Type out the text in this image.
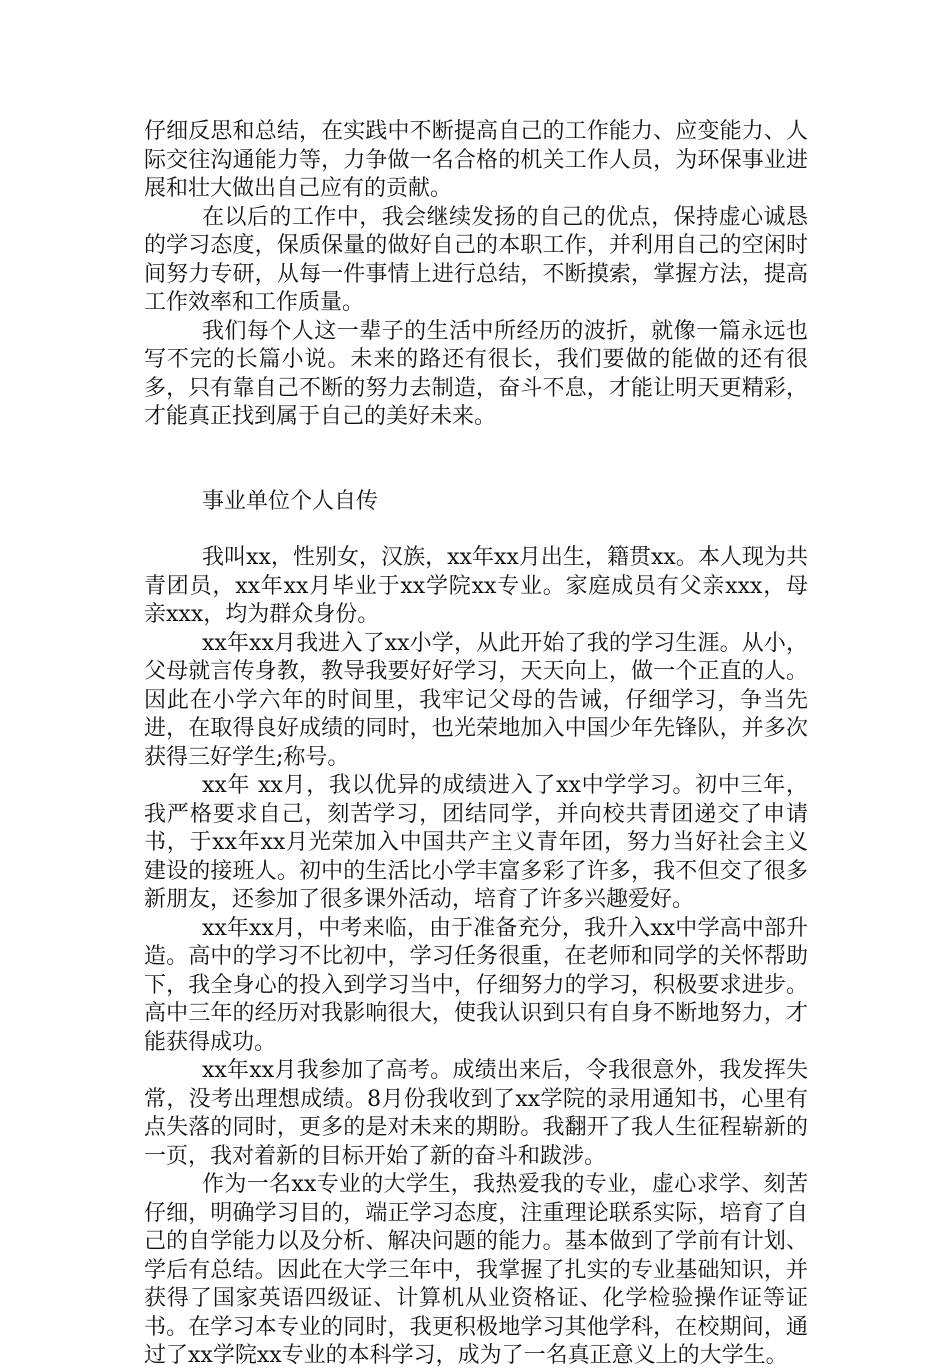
仔细反思和总结，在实践中不断提高自己的工作能力、应变能力、人际交往沟通能力等，力争做一名合格的机关工作人员，为环保事业进展和壮大做出自己应有的贡献。

在以后的工作中，我会继续发扬的自己的优点，保持虚心诚恳的学习态度，保质保量的做好自己的本职工作，并利用自己的空闲时间努力专研，从每一件事情上进行总结，不断摸索，掌握方法，提高工作效率和工作质量。

我们每个人这一辈子的生活中所经历的波折，就像一篇永远也写不完的长篇小说。未来的路还有很长，我们要做的能做的还有很多，只有靠自己不断的努力去制造，奋斗不息，才能让明天更精彩，才能真正找到属于自己的美好未来。

事业单位个人自传

我叫xx，性别女，汉族，xx年xx月出生，籍贯xx。本人现为共青团员，xx年xx月毕业于xx学院xx专业。家庭成员有父亲xxx，母亲xxx，均为群众身份。

xx年xx月我进入了xx小学，从此开始了我的学习生涯。从小，父母就言传身教，教导我要好好学习，天天向上，做一个正直的人。因此在小学六年的时间里，我牢记父母的告诫，仔细学习，争当先进，在取得良好成绩的同时，也光荣地加入中国少年先锋队，并多次获得三好学生;称号。

xx年 xx月，我以优异的成绩进入了xx中学学习。初中三年，我严格要求自己，刻苦学习，团结同学，并向校共青团递交了申请书，于xx年xx月光荣加入中国共产主义青年团，努力当好社会主义建设的接班人。初中的生活比小学丰富多彩了许多，我不但交了很多新朋友，还参加了很多课外活动，培育了许多兴趣爱好。

xx年xx月，中考来临，由于准备充分，我升入xx中学高中部升造。高中的学习不比初中，学习任务很重，在老师和同学的关怀帮助下，我全身心的投入到学习当中，仔细努力的学习，积极要求进步。高中三年的经历对我影响很大，使我认识到只有自身不断地努力，才能获得成功。

xx年xx月我参加了高考。成绩出来后，令我很意外，我发挥失常，没考出理想成绩。8月份我收到了xx学院的录用通知书，心里有点失落的同时，更多的是对未来的期盼。我翻开了我人生征程崭新的一页，我对着新的目标开始了新的奋斗和跋涉。

作为一名xx专业的大学生，我热爱我的专业，虚心求学、刻苦仔细，明确学习目的，端正学习态度，注重理论联系实际，培育了自己的自学能力以及分析、解决问题的能力。基本做到了学前有计划、学后有总结。因此在大学三年中，我掌握了扎实的专业基础知识，并获得了国家英语四级证、计算机从业资格证、化学检验操作证等证书。在学习本专业的同时，我更积极地学习其他学科，在校期间，通过了xx学院xx专业的本科学习，成为了一名真正意义上的大学生。
